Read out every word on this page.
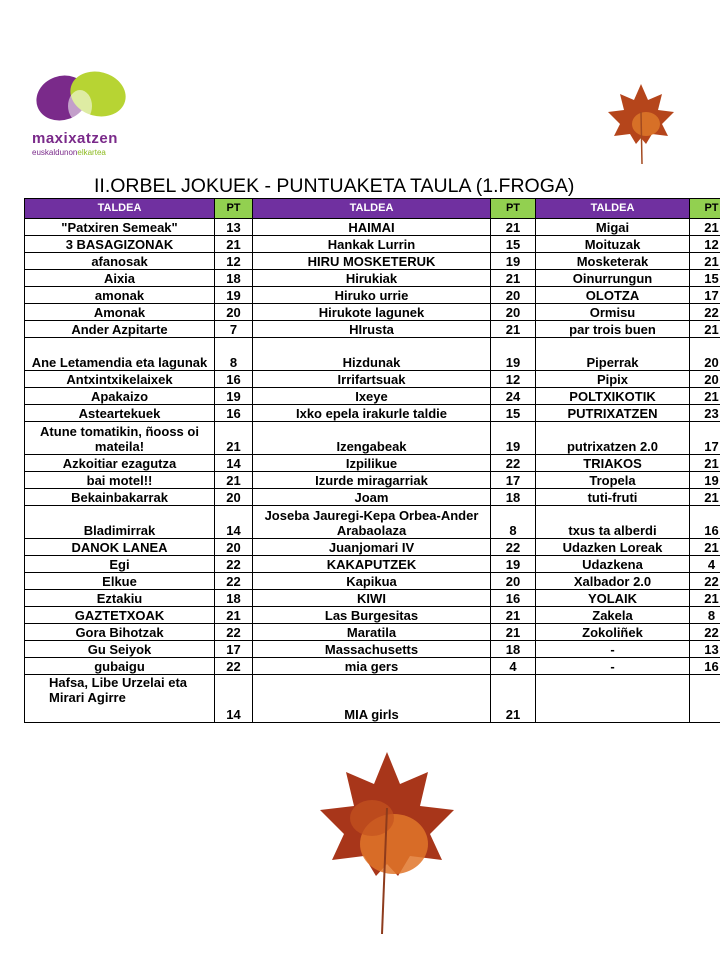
maxixatzen
euskaldunonelkartea
II.ORBEL JOKUEK - PUNTUAKETA TAULA (1.FROGA)
TALDEA	PT	TALDEA	PT	TALDEA	PT
"Patxiren Semeak"	13	HAIMAI	21	Migai	21
3 BASAGIZONAK	21	Hankak Lurrin	15	Moituzak	12
afanosak	12	HIRU MOSKETERUK	19	Mosketerak	21
Aixia	18	Hirukiak	21	Oinurrungun	15
amonak	19	Hiruko urrie	20	OLOTZA	17
Amonak	20	Hirukote lagunek	20	Ormisu	22
Ander Azpitarte	7	HIrusta	21	par trois buen	21
Ane Letamendia eta lagunak	8	Hizdunak	19	Piperrak	20
Antxintxikelaixek	16	Irrifartsuak	12	Pipix	20
Apakaizo	19	Ixeye	24	POLTXIKOTIK	21
Asteartekuek	16	Ixko epela irakurle taldie	15	PUTRIXATZEN	23
Atune tomatikin, ñooss oi mateila!	21	Izengabeak	19	putrixatzen 2.0	17
Azkoitiar ezagutza	14	Izpilikue	22	TRIAKOS	21
bai motel!!	21	Izurde miragarriak	17	Tropela	19
Bekainbakarrak	20	Joam	18	tuti-fruti	21
Bladimirrak	14	Joseba Jauregi-Kepa Orbea-Ander Arabaolaza	8	txus ta alberdi	16
DANOK LANEA	20	Juanjomari IV	22	Udazken Loreak	21
Egi	22	KAKAPUTZEK	19	Udazkena	4
Elkue	22	Kapikua	20	Xalbador 2.0	22
Eztakiu	18	KIWI	16	YOLAIK	21
GAZTETXOAK	21	Las Burgesitas	21	Zakela	8
Gora Bihotzak	22	Maratila	21	Zokoliñek	22
Gu Seiyok	17	Massachusetts	18	-	13
gubaigu	22	mia gers	4	-	16
Hafsa, Libe Urzelai eta Mirari Agirre	14	MIA girls	21		
